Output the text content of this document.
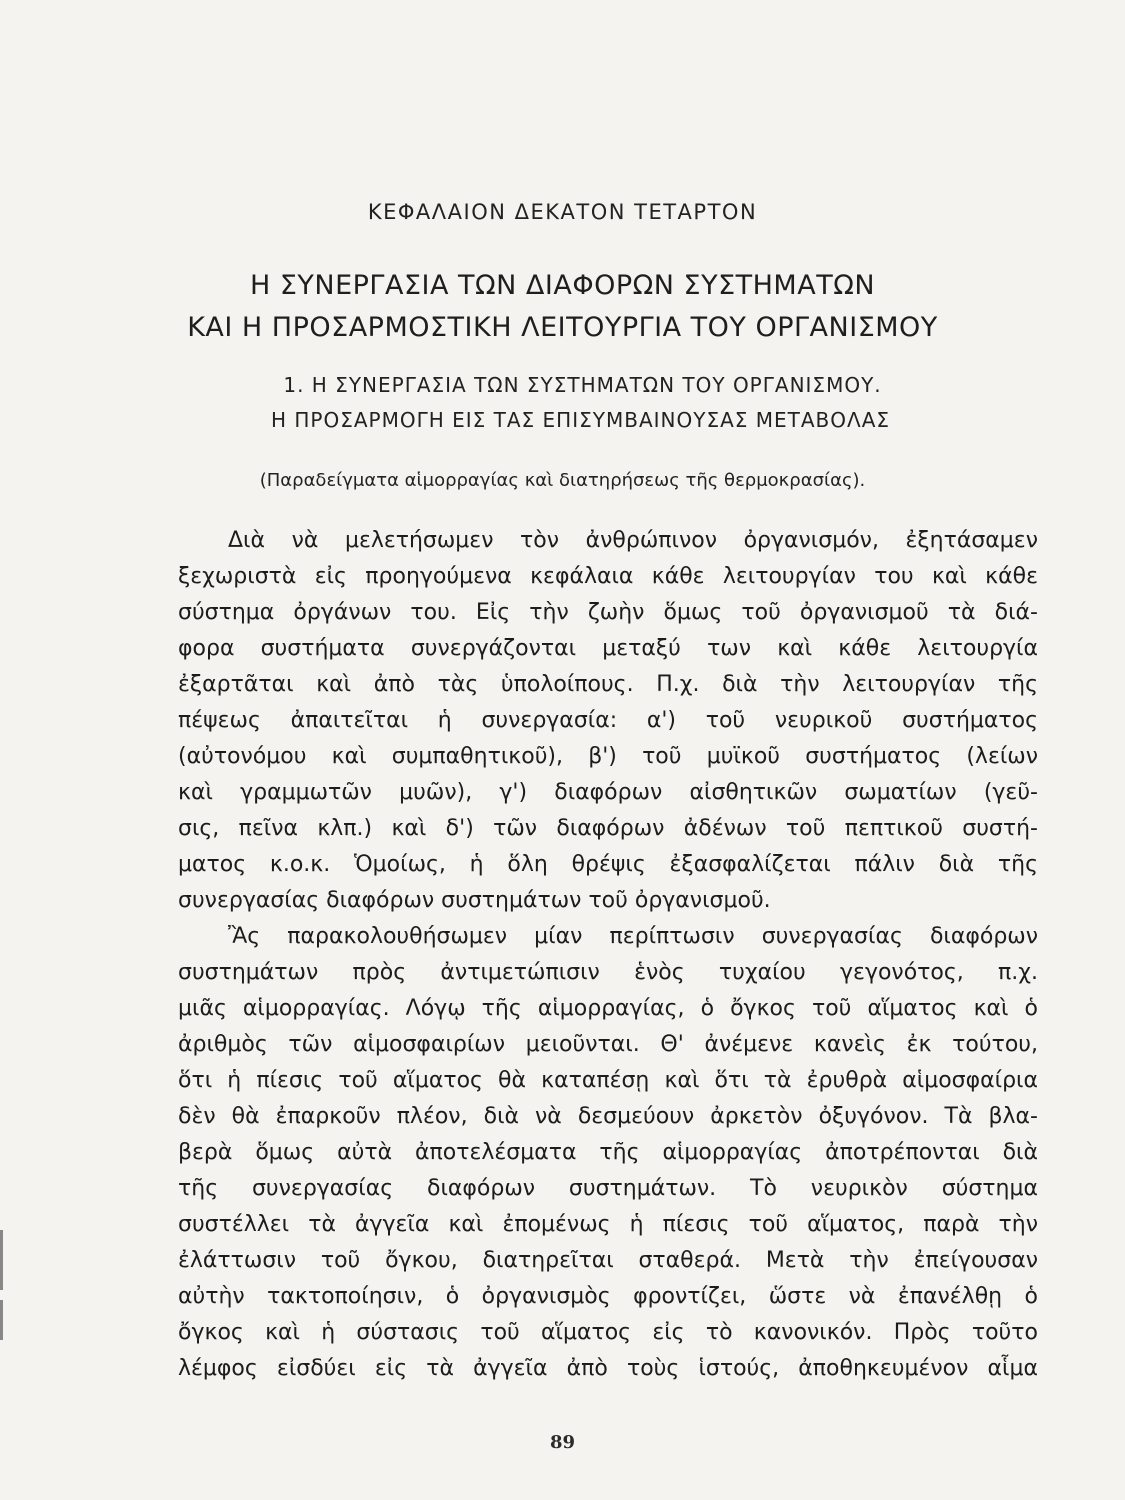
ΚΕΦΑΛΑΙΟΝ ΔΕΚΑΤΟΝ ΤΕΤΑΡΤΟΝ
Η ΣΥΝΕΡΓΑΣΙΑ ΤΩΝ ΔΙΑΦΟΡΩΝ ΣΥΣΤΗΜΑΤΩΝ
ΚΑΙ Η ΠΡΟΣΑΡΜΟΣΤΙΚΗ ΛΕΙΤΟΥΡΓΙΑ ΤΟΥ ΟΡΓΑΝΙΣΜΟΥ
1. Η ΣΥΝΕΡΓΑΣΙΑ ΤΩΝ ΣΥΣΤΗΜΑΤΩΝ ΤΟΥ ΟΡΓΑΝΙΣΜΟΥ.
Η ΠΡΟΣΑΡΜΟΓΗ ΕΙΣ ΤΑΣ ΕΠΙΣΥΜΒΑΙΝΟΥΣΑΣ ΜΕΤΑΒΟΛΑΣ
(Παραδείγματα αἱμορραγίας καὶ διατηρήσεως τῆς θερμοκρασίας).
Διὰ νὰ μελετήσωμεν τὸν ἀνθρώπινον ὀργανισμόν, ἐξητάσαμεν
ξεχωριστὰ εἰς προηγούμενα κεφάλαια κάθε λειτουργίαν του καὶ κάθε
σύστημα ὀργάνων του. Εἰς τὴν ζωὴν ὅμως τοῦ ὀργανισμοῦ τὰ διά-
φορα συστήματα συνεργάζονται μεταξύ των καὶ κάθε λειτουργία
ἐξαρτᾶται καὶ ἀπὸ τὰς ὑπολοίπους. Π.χ. διὰ τὴν λειτουργίαν τῆς
πέψεως ἀπαιτεῖται ἡ συνεργασία: α') τοῦ νευρικοῦ συστήματος
(αὐτονόμου καὶ συμπαθητικοῦ), β') τοῦ μυϊκοῦ συστήματος (λείων
καὶ γραμμωτῶν μυῶν), γ') διαφόρων αἰσθητικῶν σωματίων (γεῦ-
σις, πεῖνα κλπ.) καὶ δ') τῶν διαφόρων ἀδένων τοῦ πεπτικοῦ συστή-
ματος κ.ο.κ. Ὁμοίως, ἡ ὅλη θρέψις ἐξασφαλίζεται πάλιν διὰ τῆς
συνεργασίας διαφόρων συστημάτων τοῦ ὀργανισμοῦ.
Ἂς παρακολουθήσωμεν μίαν περίπτωσιν συνεργασίας διαφόρων
συστημάτων πρὸς ἀντιμετώπισιν ἑνὸς τυχαίου γεγονότος, π.χ.
μιᾶς αἱμορραγίας. Λόγῳ τῆς αἱμορραγίας, ὁ ὄγκος τοῦ αἵματος καὶ ὁ
ἀριθμὸς τῶν αἱμοσφαιρίων μειοῦνται. Θ' ἀνέμενε κανεὶς ἐκ τούτου,
ὅτι ἡ πίεσις τοῦ αἵματος θὰ καταπέσῃ καὶ ὅτι τὰ ἐρυθρὰ αἱμοσφαίρια
δὲν θὰ ἐπαρκοῦν πλέον, διὰ νὰ δεσμεύουν ἀρκετὸν ὀξυγόνον. Τὰ βλα-
βερὰ ὅμως αὐτὰ ἀποτελέσματα τῆς αἱμορραγίας ἀποτρέπονται διὰ
τῆς συνεργασίας διαφόρων συστημάτων. Τὸ νευρικὸν σύστημα
συστέλλει τὰ ἀγγεῖα καὶ ἐπομένως ἡ πίεσις τοῦ αἵματος, παρὰ τὴν
ἐλάττωσιν τοῦ ὄγκου, διατηρεῖται σταθερά. Μετὰ τὴν ἐπείγουσαν
αὐτὴν τακτοποίησιν, ὁ ὀργανισμὸς φροντίζει, ὥστε νὰ ἐπανέλθῃ ὁ
ὄγκος καὶ ἡ σύστασις τοῦ αἵματος εἰς τὸ κανονικόν. Πρὸς τοῦτο
λέμφος εἰσδύει εἰς τὰ ἀγγεῖα ἀπὸ τοὺς ἱστούς, ἀποθηκευμένον αἷμα
89
